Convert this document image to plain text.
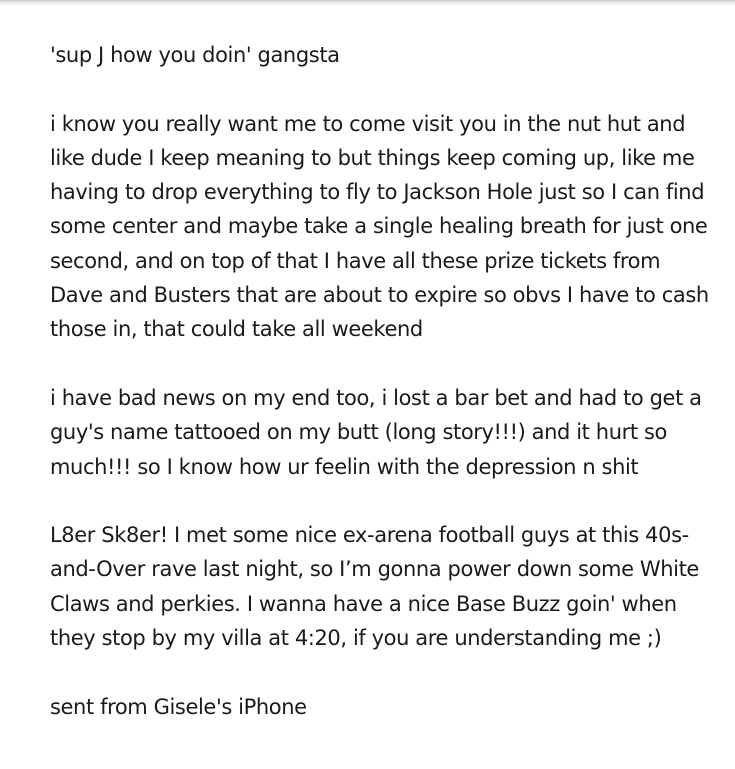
'sup J how you doin' gangsta

i know you really want me to come visit you in the nut hut and like dude I keep meaning to but things keep coming up, like me having to drop everything to fly to Jackson Hole just so I can find some center and maybe take a single healing breath for just one second, and on top of that I have all these prize tickets from Dave and Busters that are about to expire so obvs I have to cash those in, that could take all weekend

i have bad news on my end too, i lost a bar bet and had to get a guy's name tattooed on my butt (long story!!!) and it hurt so much!!! so I know how ur feelin with the depression n shit

L8er Sk8er! I met some nice ex-arena football guys at this 40s-and-Over rave last night, so I’m gonna power down some White Claws and perkies. I wanna have a nice Base Buzz goin' when they stop by my villa at 4:20, if you are understanding me ;)

sent from Gisele's iPhone
